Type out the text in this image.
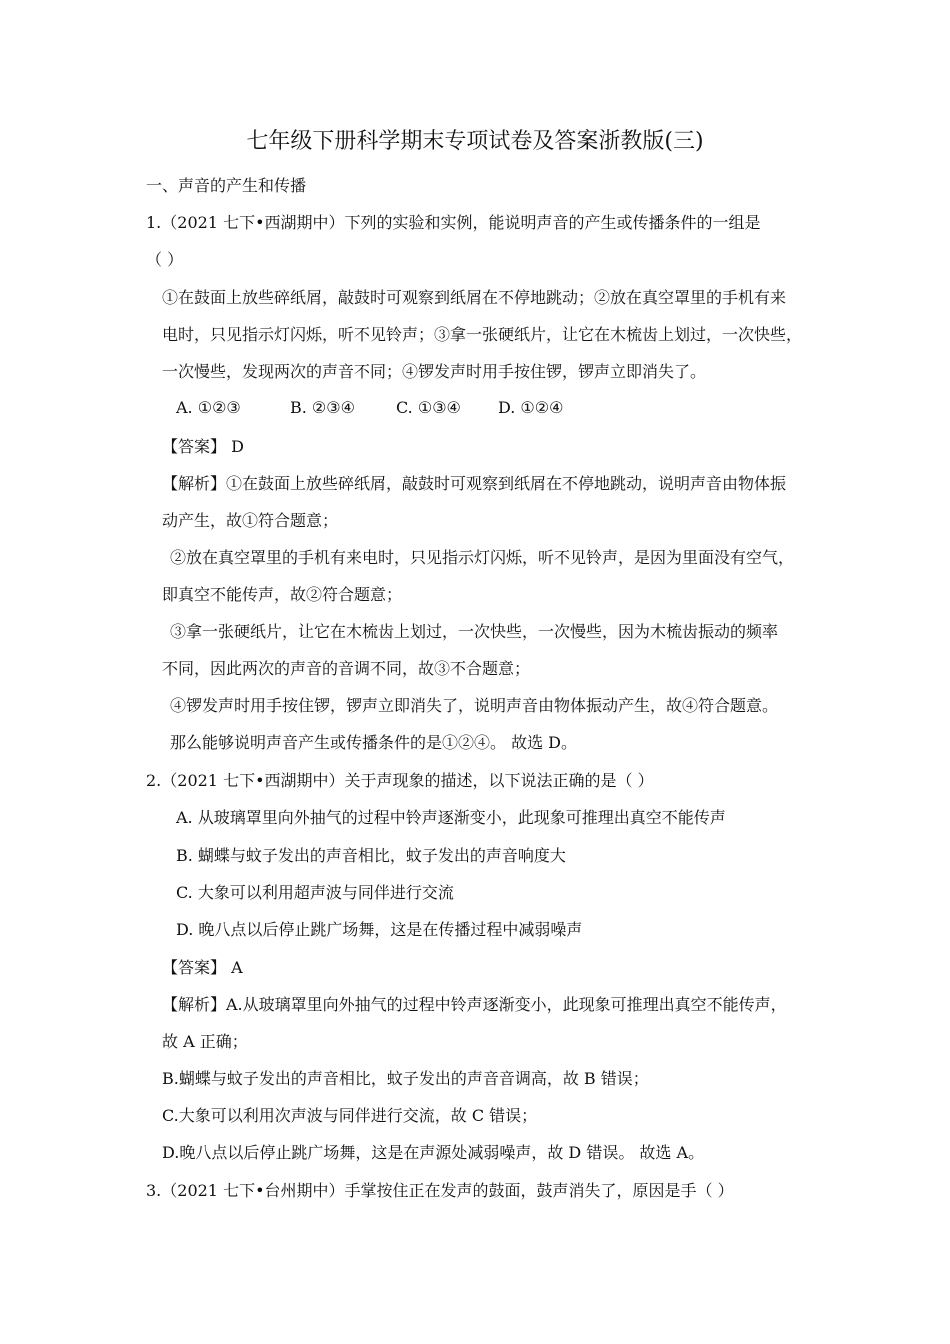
七年级下册科学期末专项试卷及答案浙教版(三)
一、声音的产生和传播
1.（2021 七下•西湖期中）下列的实验和实例，能说明声音的产生或传播条件的一组是
（ ）
①在鼓面上放些碎纸屑，敲鼓时可观察到纸屑在不停地跳动；②放在真空罩里的手机有来
电时，只见指示灯闪烁，听不见铃声；③拿一张硬纸片，让它在木梳齿上划过，一次快些，
一次慢些，发现两次的声音不同；④锣发声时用手按住锣，锣声立即消失了。
A. ①②③	B. ②③④	C. ①③④ D. ①②④
【答案】 D
【解析】①在鼓面上放些碎纸屑，敲鼓时可观察到纸屑在不停地跳动，说明声音由物体振
动产生，故①符合题意；
②放在真空罩里的手机有来电时，只见指示灯闪烁，听不见铃声，是因为里面没有空气，
即真空不能传声，故②符合题意；
③拿一张硬纸片，让它在木梳齿上划过，一次快些，一次慢些，因为木梳齿振动的频率
不同，因此两次的声音的音调不同，故③不合题意；
④锣发声时用手按住锣，锣声立即消失了，说明声音由物体振动产生，故④符合题意。
那么能够说明声音产生或传播条件的是①②④。 故选 D。
2.（2021 七下•西湖期中）关于声现象的描述，以下说法正确的是（ ）
A. 从玻璃罩里向外抽气的过程中铃声逐渐变小，此现象可推理出真空不能传声
B. 蝴蝶与蚊子发出的声音相比，蚊子发出的声音响度大
C. 大象可以利用超声波与同伴进行交流
D. 晚八点以后停止跳广场舞，这是在传播过程中减弱噪声
【答案】 A
【解析】A.从玻璃罩里向外抽气的过程中铃声逐渐变小，此现象可推理出真空不能传声，
故 A 正确；
B.蝴蝶与蚊子发出的声音相比，蚊子发出的声音音调高，故 B 错误；
C.大象可以利用次声波与同伴进行交流，故 C 错误；
D.晚八点以后停止跳广场舞，这是在声源处减弱噪声，故 D 错误。 故选 A。
3.（2021 七下•台州期中）手掌按住正在发声的鼓面，鼓声消失了，原因是手（ ）
